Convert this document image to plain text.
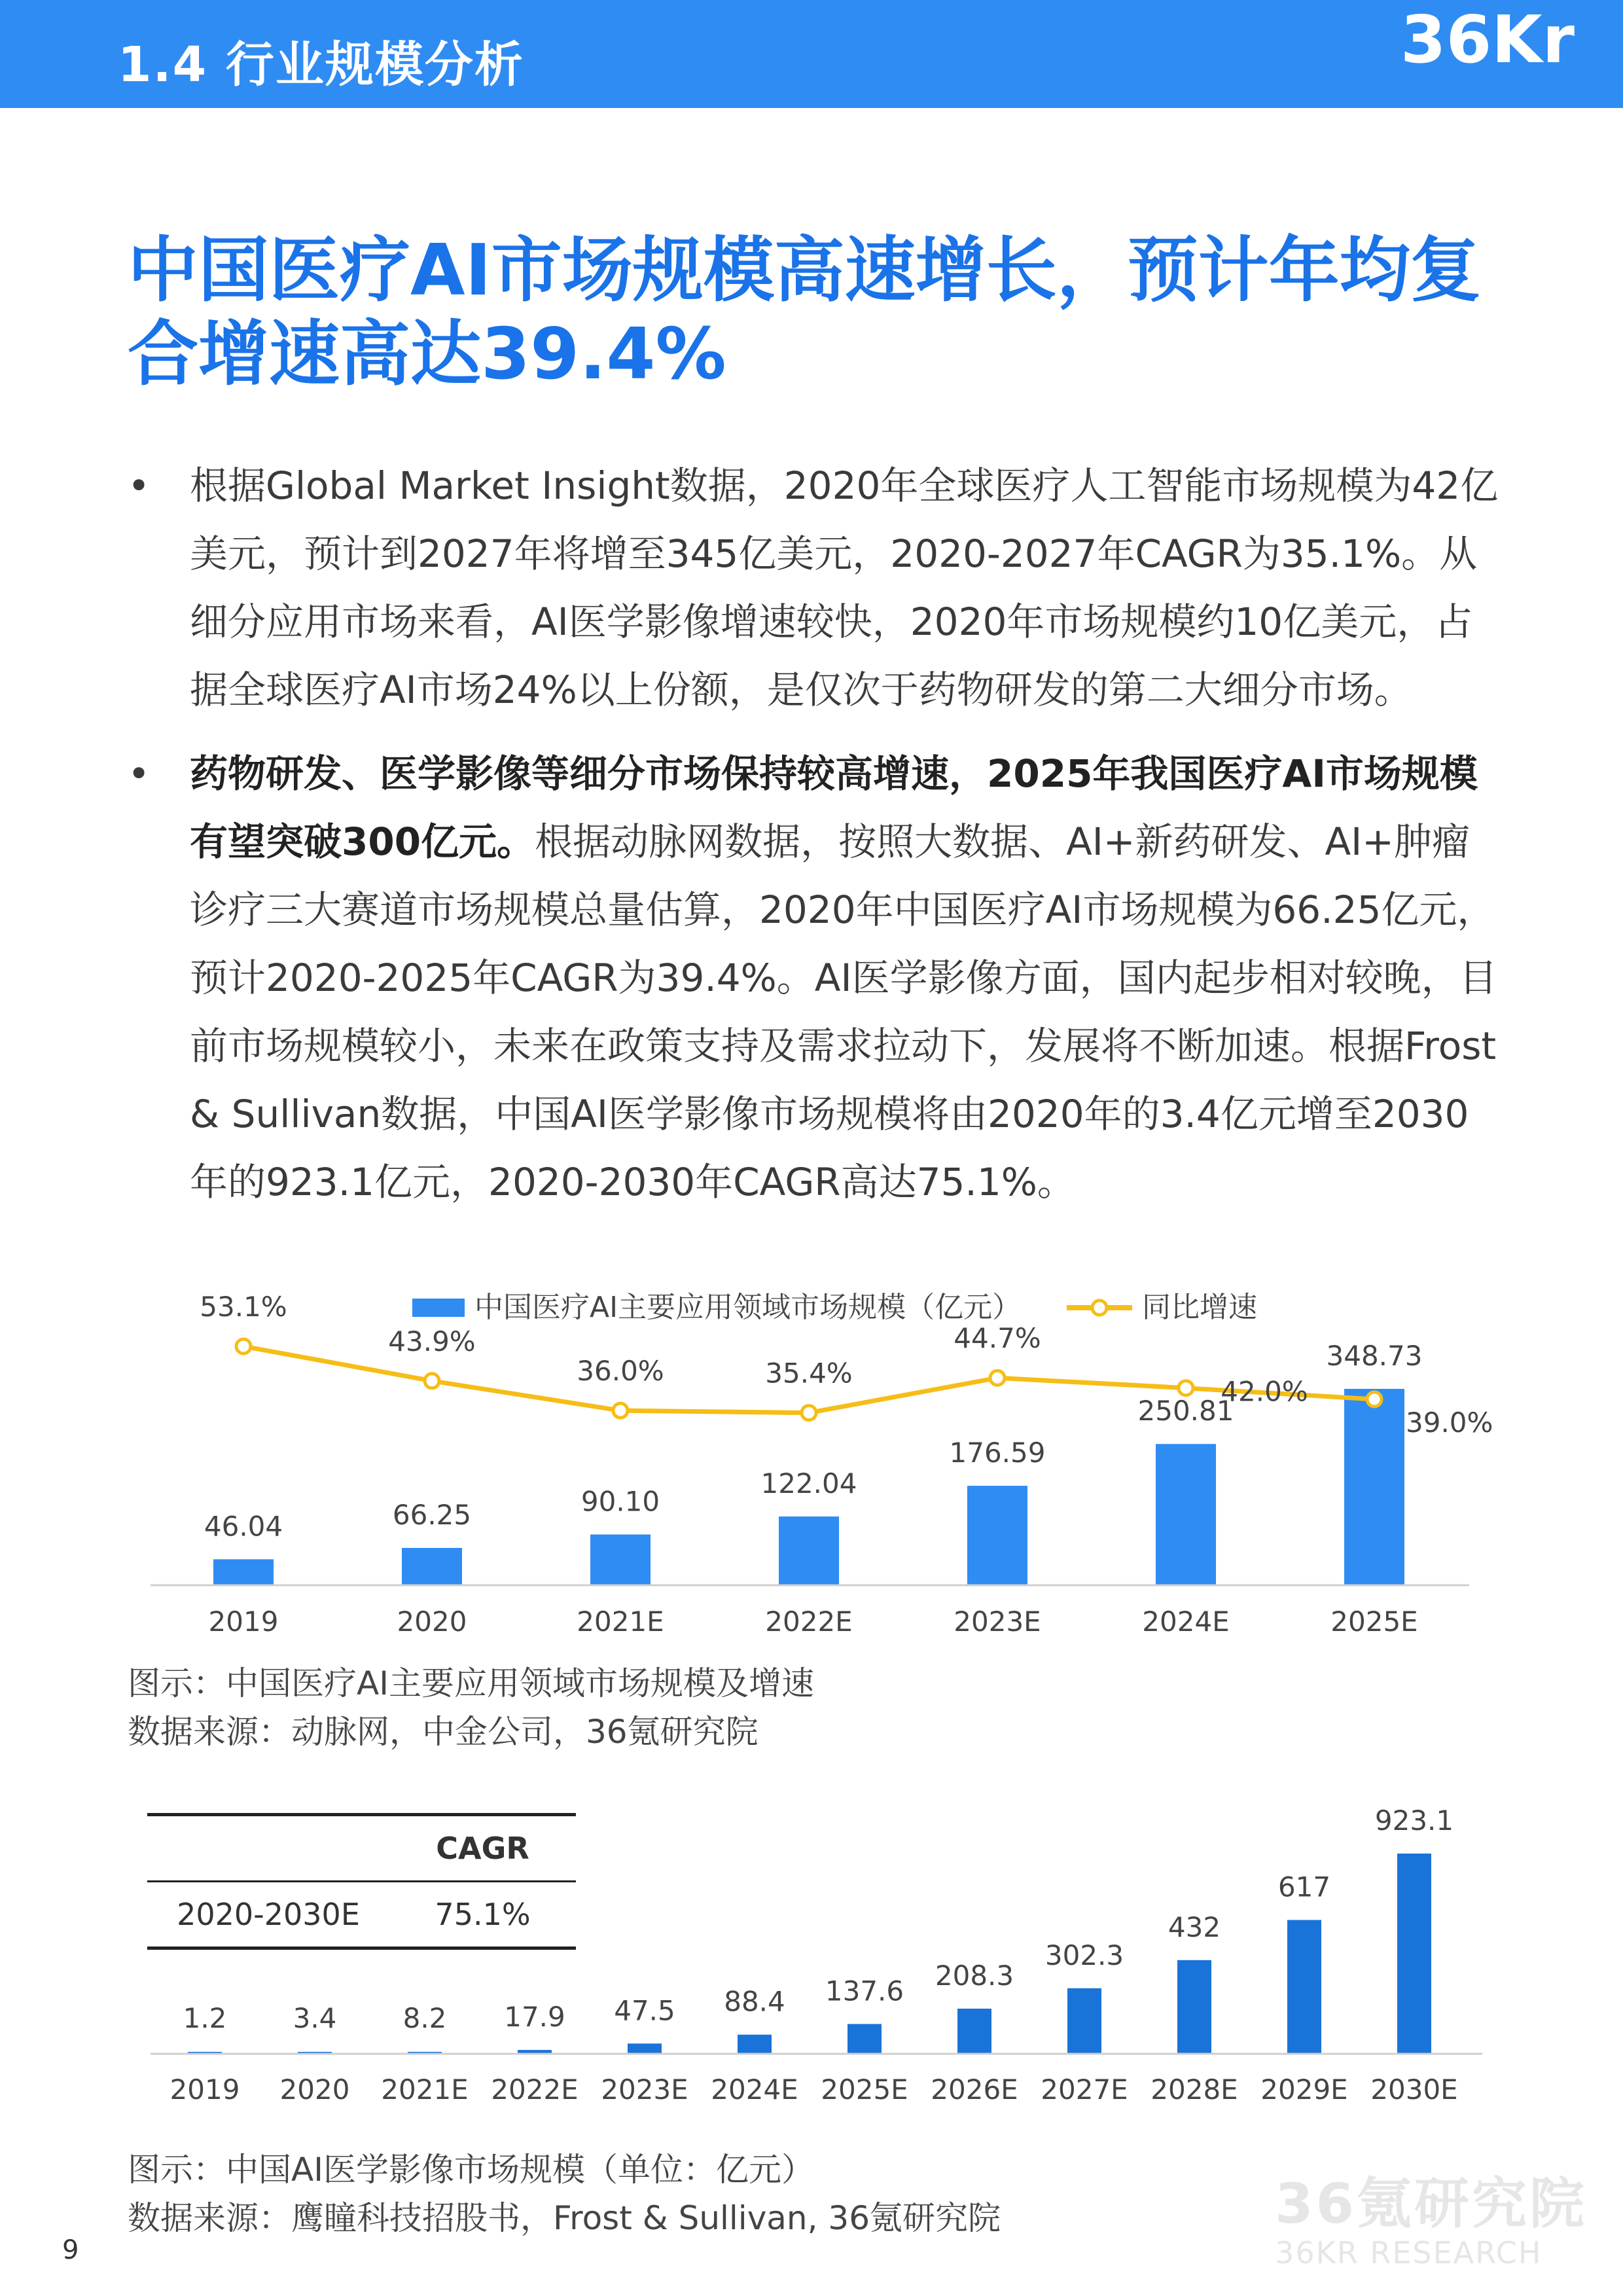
1.4 行业规模分析	36Kr
中国医疗AI市场规模高速增长，预计年均复合增速高达39.4%
• 根据Global Market Insight数据，2020年全球医疗人工智能市场规模为42亿美元，预计到2027年将增至345亿美元，2020-2027年CAGR为35.1%。从细分应用市场来看，AI医学影像增速较快，2020年市场规模约10亿美元，占据全球医疗AI市场24%以上份额，是仅次于药物研发的第二大细分市场。
• 药物研发、医学影像等细分市场保持较高增速，2025年我国医疗AI市场规模有望突破300亿元。根据动脉网数据，按照大数据、AI+新药研发、AI+肿瘤诊疗三大赛道市场规模总量估算，2020年中国医疗AI市场规模为66.25亿元，预计2020-2025年CAGR为39.4%。AI医学影像方面，国内起步相对较晚，目前市场规模较小，未来在政策支持及需求拉动下，发展将不断加速。根据Frost & Sullivan数据，中国AI医学影像市场规模将由2020年的3.4亿元增至2030年的923.1亿元，2020-2030年CAGR高达75.1%。
中国医疗AI主要应用领域市场规模（亿元）	同比增速
46.04	66.25	90.10
122.04
176.59
250.81
348.73
53.1%
43.9%
36.0%	35.4%
44.7%
42.0%
39.0%
2019	2020	2021E	2022E	2023E	2024E	2025E
图示：中国医疗AI主要应用领域市场规模及增速
数据来源：动脉网，中金公司，36氪研究院
CAGR
2020-2030E	75.1%
1.2 3.4 8.2 17.9 47.5 88.4 137.6 208.3
302.3
432
617
923.1
2019 2020 2021E 2022E 2023E 2024E 2025E 2026E 2027E 2028E 2029E 2030E
图示：中国AI医学影像市场规模（单位：亿元）
数据来源：鹰瞳科技招股书，Frost & Sullivan, 36氪研究院	36氪研究院
36KR RESEARCH
9
